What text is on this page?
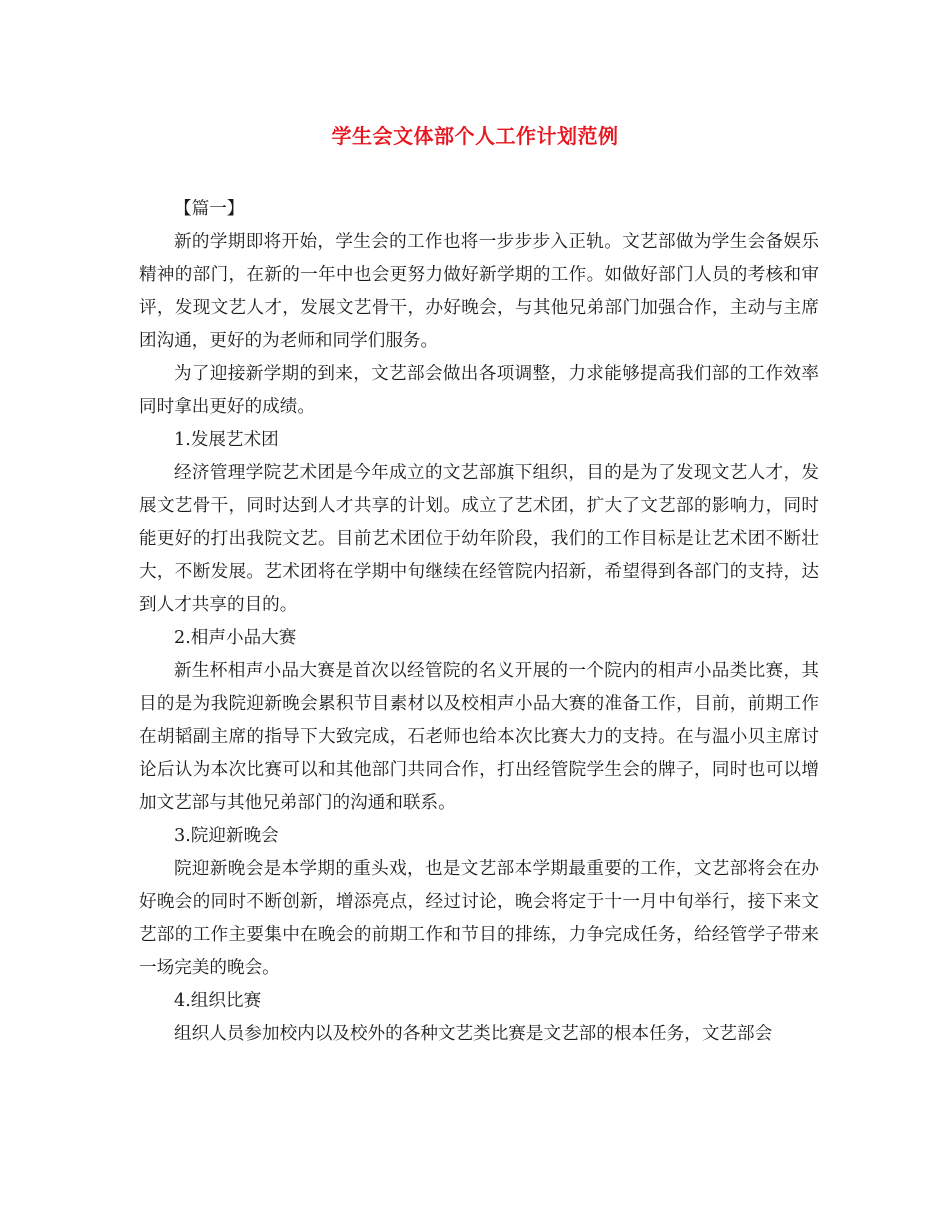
学生会文体部个人工作计划范例

【篇一】

新的学期即将开始，学生会的工作也将一步步步入正轨。文艺部做为学生会备娱乐精神的部门，在新的一年中也会更努力做好新学期的工作。如做好部门人员的考核和审评，发现文艺人才，发展文艺骨干，办好晚会，与其他兄弟部门加强合作，主动与主席团沟通，更好的为老师和同学们服务。

为了迎接新学期的到来，文艺部会做出各项调整，力求能够提高我们部的工作效率同时拿出更好的成绩。

1.发展艺术团

经济管理学院艺术团是今年成立的文艺部旗下组织，目的是为了发现文艺人才，发展文艺骨干，同时达到人才共享的计划。成立了艺术团，扩大了文艺部的影响力，同时能更好的打出我院文艺。目前艺术团位于幼年阶段，我们的工作目标是让艺术团不断壮大，不断发展。艺术团将在学期中旬继续在经管院内招新，希望得到各部门的支持，达到人才共享的目的。

2.相声小品大赛

新生杯相声小品大赛是首次以经管院的名义开展的一个院内的相声小品类比赛，其目的是为我院迎新晚会累积节目素材以及校相声小品大赛的准备工作，目前，前期工作在胡韬副主席的指导下大致完成，石老师也给本次比赛大力的支持。在与温小贝主席讨论后认为本次比赛可以和其他部门共同合作，打出经管院学生会的牌子，同时也可以增加文艺部与其他兄弟部门的沟通和联系。

3.院迎新晚会

院迎新晚会是本学期的重头戏，也是文艺部本学期最重要的工作，文艺部将会在办好晚会的同时不断创新，增添亮点，经过讨论，晚会将定于十一月中旬举行，接下来文艺部的工作主要集中在晚会的前期工作和节目的排练，力争完成任务，给经管学子带来一场完美的晚会。

4.组织比赛

组织人员参加校内以及校外的各种文艺类比赛是文艺部的根本任务，文艺部会
